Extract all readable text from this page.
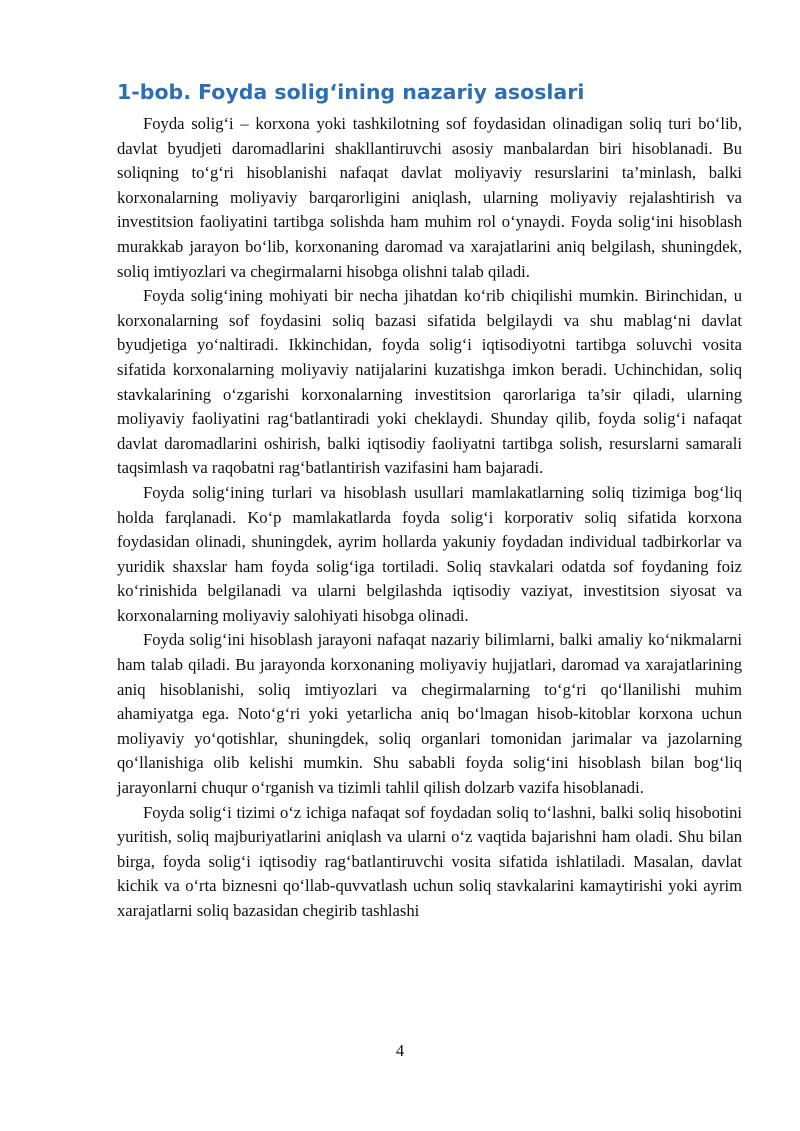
1-bob. Foyda solig‘ining nazariy asoslari

Foyda solig‘i – korxona yoki tashkilotning sof foydasidan olinadigan soliq turi bo‘lib, davlat byudjeti daromadlarini shakllantiruvchi asosiy manbalardan biri hisoblanadi. Bu soliqning to‘g‘ri hisoblanishi nafaqat davlat moliyaviy resurslarini ta’minlash, balki korxonalarning moliyaviy barqarorligini aniqlash, ularning moliyaviy rejalashtirish va investitsion faoliyatini tartibga solishda ham muhim rol o‘ynaydi. Foyda solig‘ini hisoblash murakkab jarayon bo‘lib, korxonaning daromad va xarajatlarini aniq belgilash, shuningdek, soliq imtiyozlari va chegirmalarni hisobga olishni talab qiladi.

Foyda solig‘ining mohiyati bir necha jihatdan ko‘rib chiqilishi mumkin. Birinchidan, u korxonalarning sof foydasini soliq bazasi sifatida belgilaydi va shu mablag‘ni davlat byudjetiga yo‘naltiradi. Ikkinchidan, foyda solig‘i iqtisodiyotni tartibga soluvchi vosita sifatida korxonalarning moliyaviy natijalarini kuzatishga imkon beradi. Uchinchidan, soliq stavkalarining o‘zgarishi korxonalarning investitsion qarorlariga ta’sir qiladi, ularning moliyaviy faoliyatini rag‘batlantiradi yoki cheklaydi. Shunday qilib, foyda solig‘i nafaqat davlat daromadlarini oshirish, balki iqtisodiy faoliyatni tartibga solish, resurslarni samarali taqsimlash va raqobatni rag‘batlantirish vazifasini ham bajaradi.

Foyda solig‘ining turlari va hisoblash usullari mamlakatlarning soliq tizimiga bog‘liq holda farqlanadi. Ko‘p mamlakatlarda foyda solig‘i korporativ soliq sifatida korxona foydasidan olinadi, shuningdek, ayrim hollarda yakuniy foydadan individual tadbirkorlar va yuridik shaxslar ham foyda solig‘iga tortiladi. Soliq stavkalari odatda sof foydaning foiz ko‘rinishida belgilanadi va ularni belgilashda iqtisodiy vaziyat, investitsion siyosat va korxonalarning moliyaviy salohiyati hisobga olinadi.

Foyda solig‘ini hisoblash jarayoni nafaqat nazariy bilimlarni, balki amaliy ko‘nikmalarni ham talab qiladi. Bu jarayonda korxonaning moliyaviy hujjatlari, daromad va xarajatlarining aniq hisoblanishi, soliq imtiyozlari va chegirmalarning to‘g‘ri qo‘llanilishi muhim ahamiyatga ega. Noto‘g‘ri yoki yetarlicha aniq bo‘lmagan hisob-kitoblar korxona uchun moliyaviy yo‘qotishlar, shuningdek, soliq organlari tomonidan jarimalar va jazolarning qo‘llanishiga olib kelishi mumkin. Shu sababli foyda solig‘ini hisoblash bilan bog‘liq jarayonlarni chuqur o‘rganish va tizimli tahlil qilish dolzarb vazifa hisoblanadi.

Foyda solig‘i tizimi o‘z ichiga nafaqat sof foydadan soliq to‘lashni, balki soliq hisobotini yuritish, soliq majburiyatlarini aniqlash va ularni o‘z vaqtida bajarishni ham oladi. Shu bilan birga, foyda solig‘i iqtisodiy rag‘batlantiruvchi vosita sifatida ishlatiladi. Masalan, davlat kichik va o‘rta biznesni qo‘llab-quvvatlash uchun soliq stavkalarini kamaytirishi yoki ayrim xarajatlarni soliq bazasidan chegirib tashlashi

4
